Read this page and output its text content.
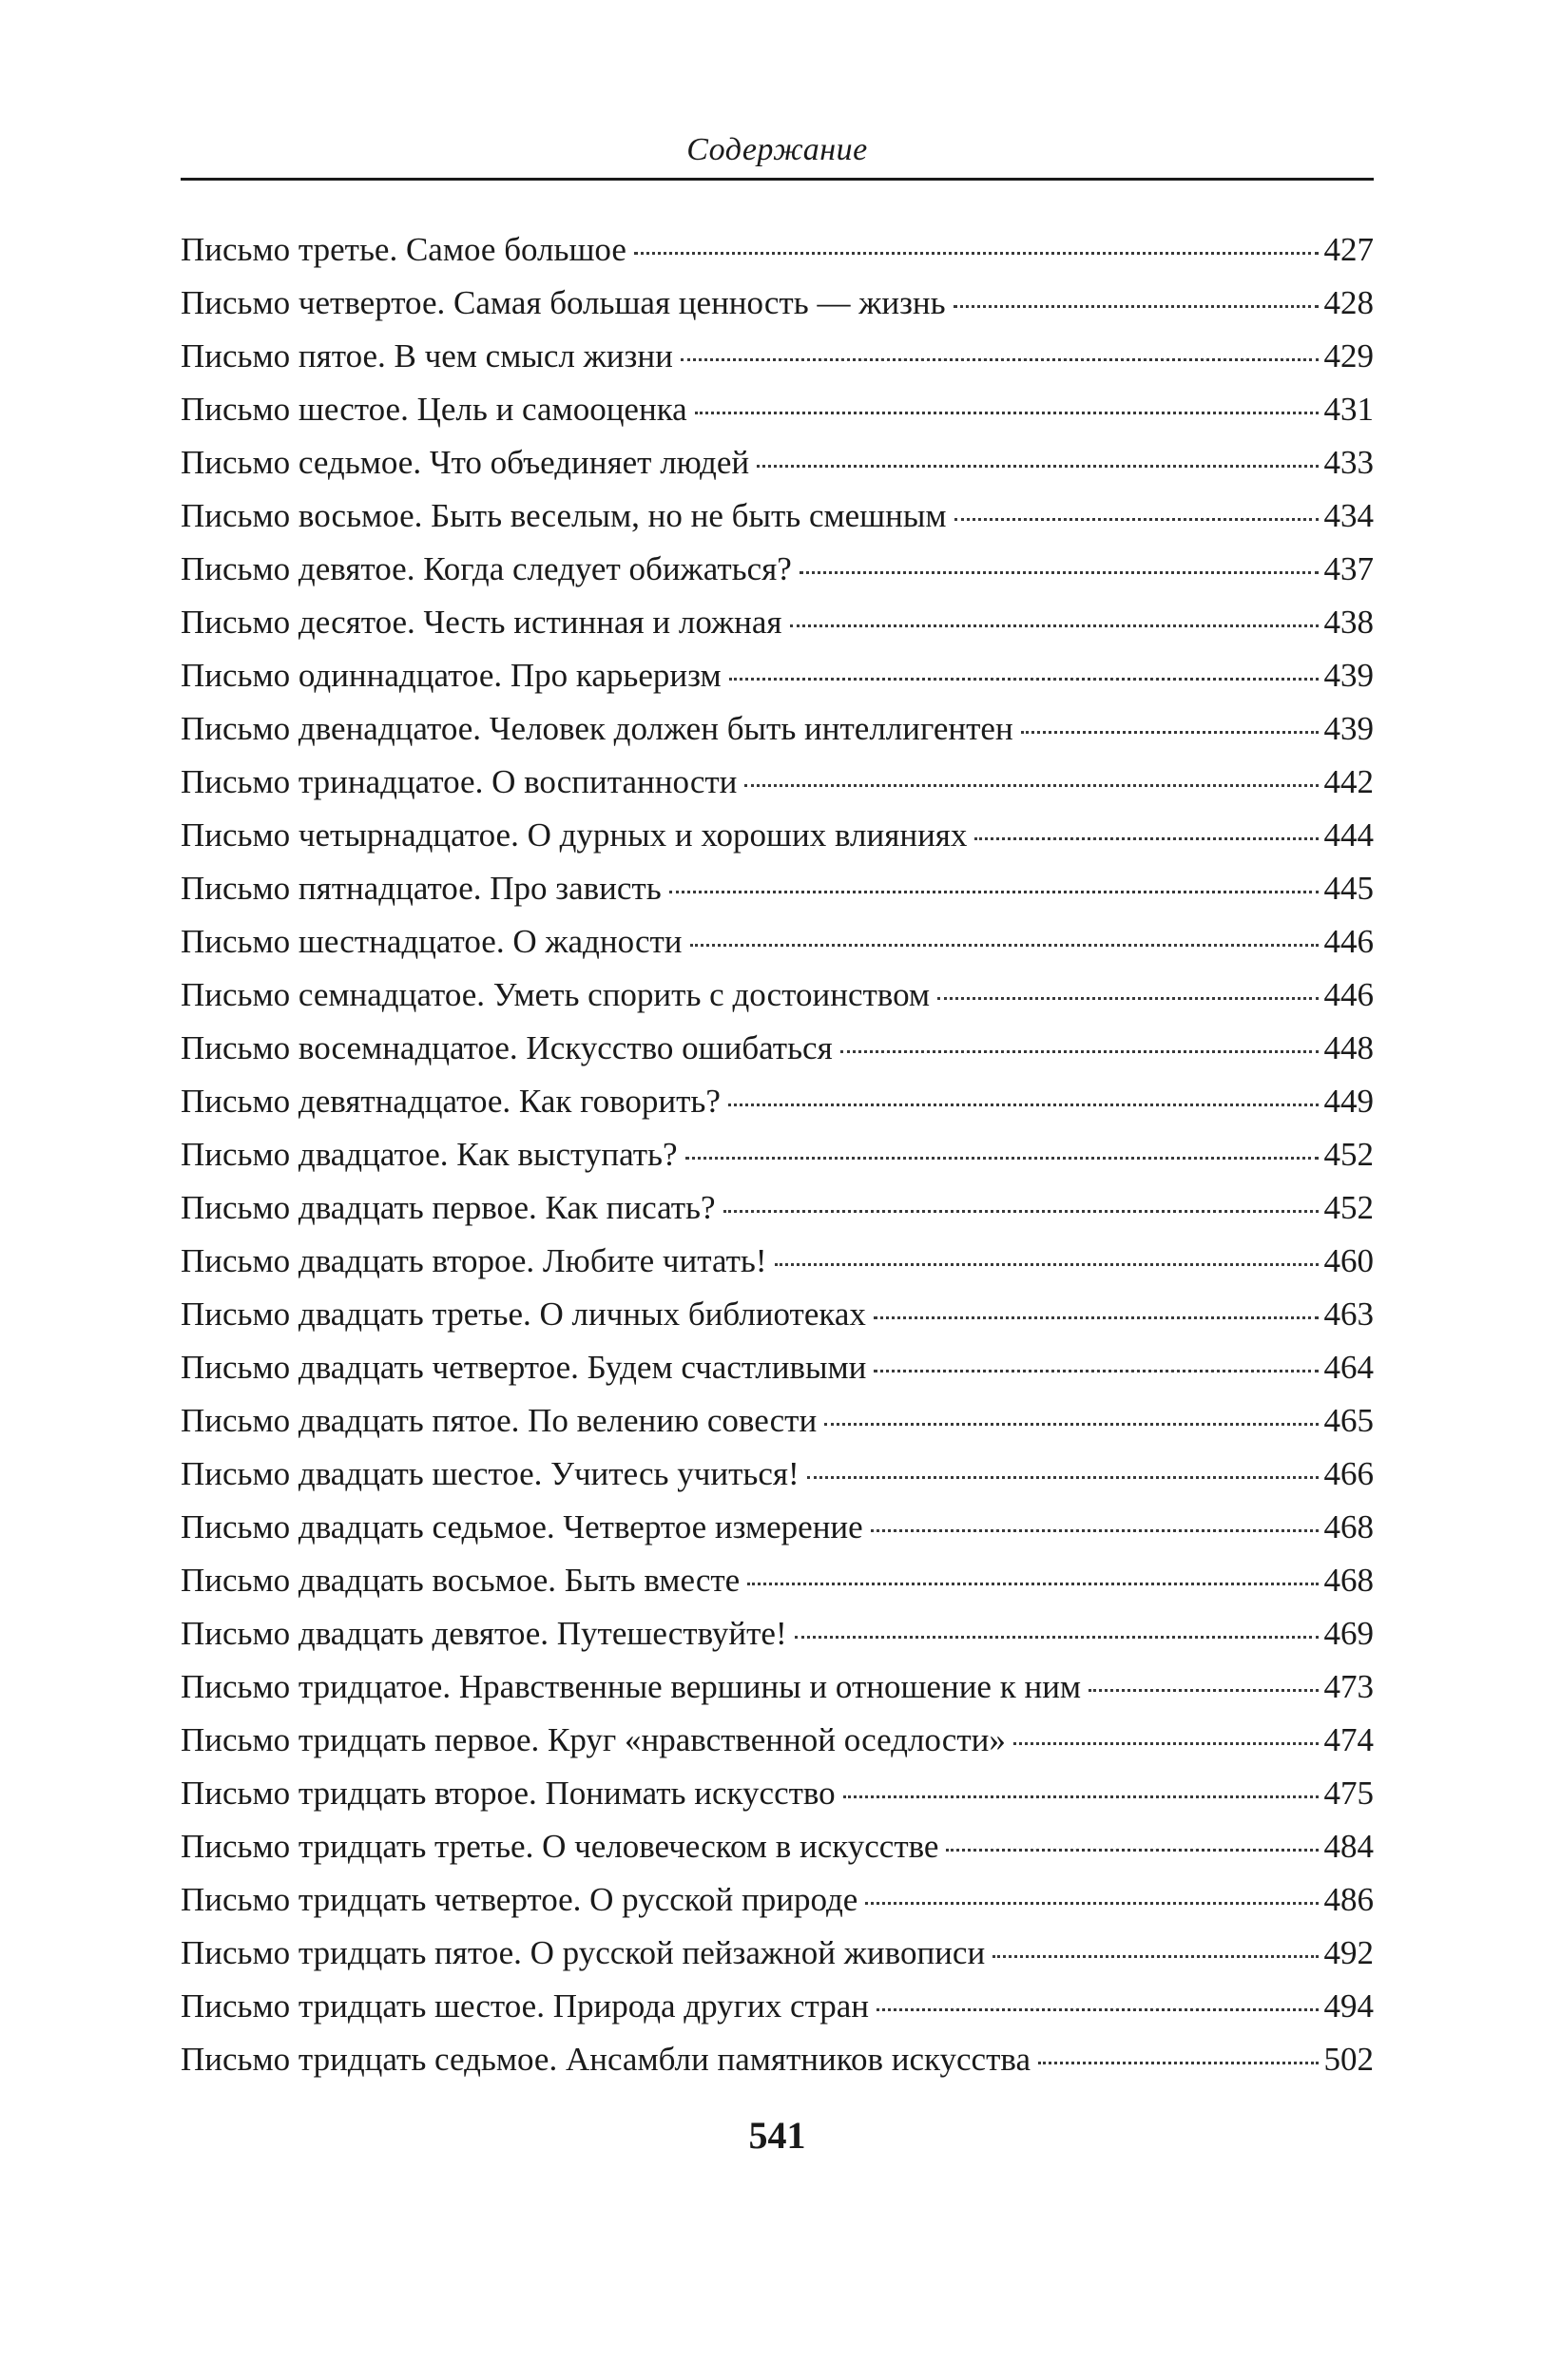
Содержание
Письмо третье. Самое большое	427
Письмо четвертое. Самая большая ценность — жизнь	428
Письмо пятое. В чем смысл жизни	429
Письмо шестое. Цель и самооценка	431
Письмо седьмое. Что объединяет людей	433
Письмо восьмое. Быть веселым, но не быть смешным	434
Письмо девятое. Когда следует обижаться?	437
Письмо десятое. Честь истинная и ложная	438
Письмо одиннадцатое. Про карьеризм	439
Письмо двенадцатое. Человек должен быть интеллигентен	439
Письмо тринадцатое. О воспитанности	442
Письмо четырнадцатое. О дурных и хороших влияниях	444
Письмо пятнадцатое. Про зависть	445
Письмо шестнадцатое. О жадности	446
Письмо семнадцатое. Уметь спорить с достоинством	446
Письмо восемнадцатое. Искусство ошибаться	448
Письмо девятнадцатое. Как говорить?	449
Письмо двадцатое. Как выступать?	452
Письмо двадцать первое. Как писать?	452
Письмо двадцать второе. Любите читать!	460
Письмо двадцать третье. О личных библиотеках	463
Письмо двадцать четвертое. Будем счастливыми	464
Письмо двадцать пятое. По велению совести	465
Письмо двадцать шестое. Учитесь учиться!	466
Письмо двадцать седьмое. Четвертое измерение	468
Письмо двадцать восьмое. Быть вместе	468
Письмо двадцать девятое. Путешествуйте!	469
Письмо тридцатое. Нравственные вершины и отношение к ним	473
Письмо тридцать первое. Круг «нравственной оседлости»	474
Письмо тридцать второе. Понимать искусство	475
Письмо тридцать третье. О человеческом в искусстве	484
Письмо тридцать четвертое. О русской природе	486
Письмо тридцать пятое. О русской пейзажной живописи	492
Письмо тридцать шестое. Природа других стран	494
Письмо тридцать седьмое. Ансамбли памятников искусства	502
541
